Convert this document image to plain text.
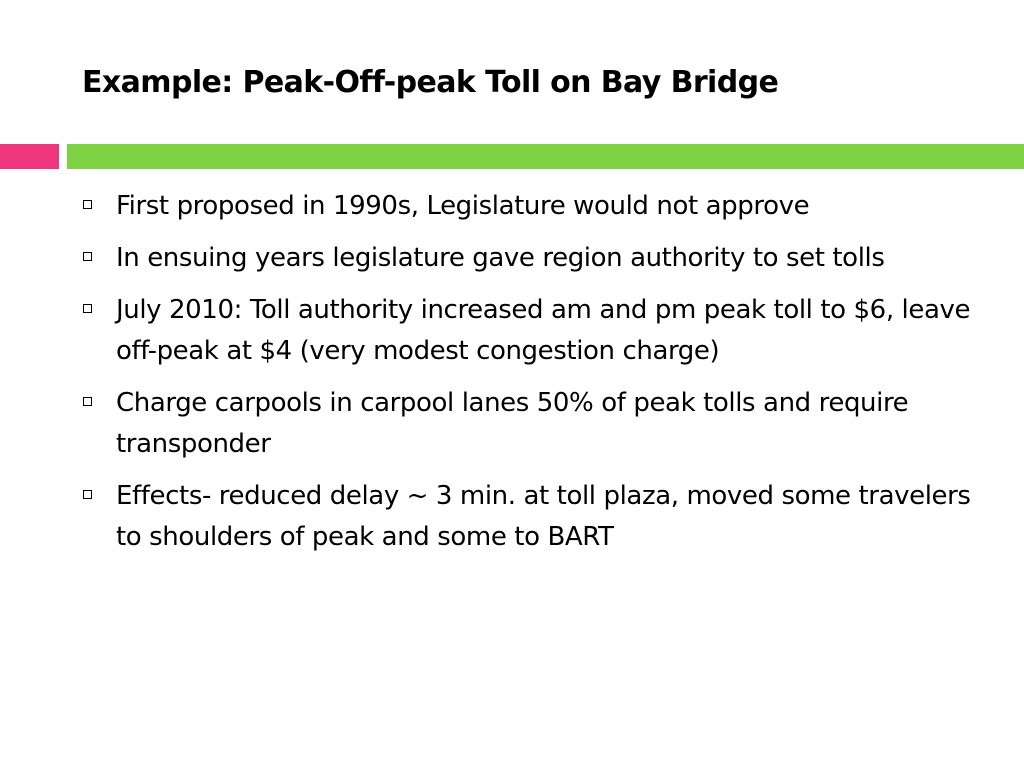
Example: Peak-Off-peak Toll on Bay Bridge
First proposed in 1990s, Legislature would not approve
In ensuing years legislature gave region authority to set tolls
July 2010: Toll authority increased am and pm peak toll to $6, leave off-peak at $4 (very modest congestion charge)
Charge carpools in carpool lanes 50% of peak tolls and require transponder
Effects- reduced delay ~ 3 min. at toll plaza, moved some travelers to shoulders of peak and some to BART
